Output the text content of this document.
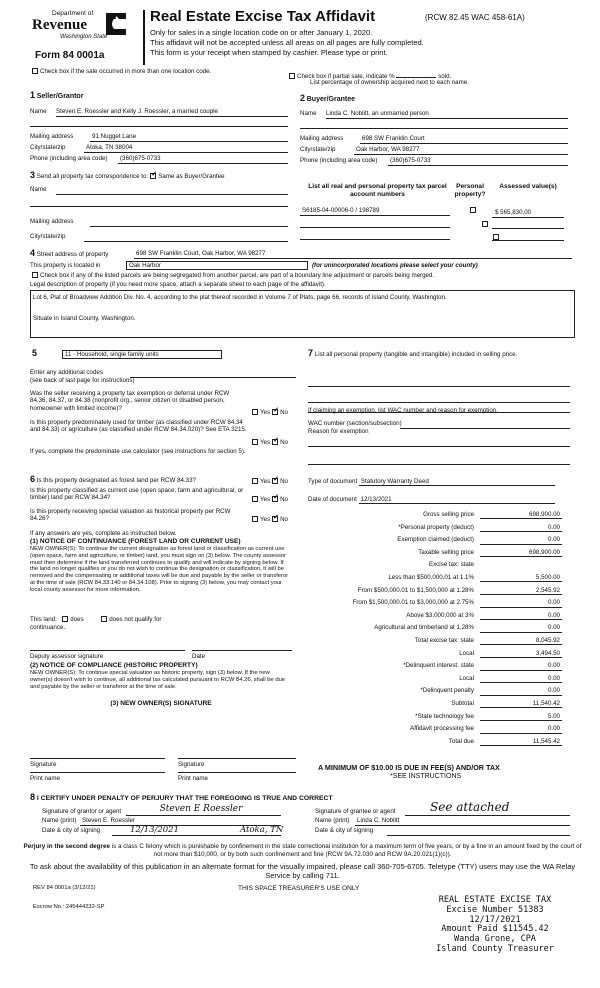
Department of
Revenue
Washington State
Form 84 0001a
Real Estate Excise Tax Affidavit	(RCW 82.45 WAC 458-61A)
Only for sales in a single location code on or after January 1, 2020.
This affidavit will not be accepted unless all areas on all pages are fully completed.
This form is your receipt when stamped by cashier. Please type or print.
Check box if the sale occurred in more than one location code.
Check box if partial sale, indicate %	sold.
List percentage of ownership acquired next to each name.
1 Seller/Grantor
Name Steven E. Roessler and Kelly J. Roessler, a married couple
Mailing address	91 Nugget Lane
City/state/zip	Atoka, TN 38004
Phone (including area code) (360)675-0733
2 Buyer/Grantee
Name Linda C. Noblitt, an unmarried person
Mailing address	698 SW Franklin Court
City/state/zip	Oak Harbor, WA 98277
Phone (including area code) (360)675-0733
3 Send all property tax correspondence to: ✓ Same as Buyer/Grantee
Name
Mailing address
City/state/zip
List all real and personal property tax parcel account numbers
Personal property?
Assessed value(s)
S6185-04-00006-0 / 198789
	$ 565,830.00

4 Street address of property	698 SW Franklin Court, Oak Harbor, WA 98277
This property is located in	Oak Harbor	(for unincorporated locations please select your county)
Check box if any of the listed parcels are being segregated from another parcel, are part of a boundary line adjustment or parcels being merged.
Legal description of property (if you need more space, attach a separate sheet to each page of the affidavit).
Lot 6, Plat of Broadview Addition Div. No. 4, according to the plat thereof recorded in Volume 7 of Plats, page 66, records of Island County, Washington.
Situate in Island County, Washington.
5	11 - Household, single family units
Enter any additional codes
(see back of last page for instructions)
Was the seller receiving a property tax exemption or deferral under RCW 84.36, 84.37, or 84.38 (nonprofit org., senior citizen or disabled person, homeowner with limited income)?
Yes ✓ No
Is this property predominately used for timber (as classified under RCW 84.34 and 84.33) or agriculture (as classified under RCW 84.34.020)? See ETA 3215.
Yes ✓ No
If yes, complete the predominate use calculator (see instructions for section 5).
6 Is this property designated as forest land per RCW 84.33?	Yes ✓ No
Is this property classified as current use (open space, farm and agricultural, or timber) land per RCW 84.34?	Yes ✓ No
Is this property receiving special valuation as historical property per RCW 84.26?	Yes ✓ No
If any answers are yes, complete as instructed below.
(1) NOTICE OF CONTINUANCE (FOREST LAND OR CURRENT USE)
NEW OWNER(S): To continue the current designation as forest land or classification as current use (open space, farm and agriculture, or timber) land, you must sign on (3) below. The county assessor must then determine if the land transferred continues to qualify and will indicate by signing below. If the land no longer qualifies or you do not wish to continue the designation or classification, it will be removed and the compensating or additional taxes will be due and payable by the seller or transferor at the time of sale (RCW 84.33.140 or 84.34.108). Prior to signing (3) below, you may contact your local county assessor for more information.
This land: does	does not qualify for
continuance.
Deputy assessor signature	Date
(2) NOTICE OF COMPLIANCE (HISTORIC PROPERTY)
NEW OWNER(S): To continue special valuation as historic property, sign (3) below. If the new owner(s) doesn't wish to continue, all additional tax calculated pursuant to RCW 84.26, shall be due and payable by the seller or transferor at the time of sale.
(3) NEW OWNER(S) SIGNATURE
Signature	Signature
Print name	Print name
7 List all personal property (tangible and intangible) included in selling price.
If claiming an exemption, list WAC number and reason for exemption.
WAC number (section/subsection)
Reason for exemption
Type of document Statutory Warranty Deed
Date of document 12/13/2021
Gross selling price	698,900.00
*Personal property (deduct)	0.00
Exemption claimed (deduct)	0.00
Taxable selling price	698,900.00
Excise tax: state
Less than $500,000.01 at 1.1%	5,500.00
From $500,000.01 to $1,500,000 at 1.28%	2,545.92
From $1,500,000.01 to $3,000,000 at 2.75%	0.00
Above $3,000,000 at 3%	0.00
Agricultural and timberland at 1.28%	0.00
Total excise tax: state	8,045.92
Local	3,494.50
*Delinquent interest: state	0.00
Local	0.00
*Delinquent penalty	0.00
Subtotal	11,540.42
*State technology fee	5.00
Affidavit processing fee	0.00
Total due	11,545.42
A MINIMUM OF $10.00 IS DUE IN FEE(S) AND/OR TAX
*SEE INSTRUCTIONS
8 I CERTIFY UNDER PENALTY OF PERJURY THAT THE FOREGOING IS TRUE AND CORRECT
Signature of grantor or agent	Steven E Roessler
Name (print) Steven E. Roessler
Date & city of signing	12/13/2021	Atoka, TN
Signature of grantee or agent	See attached
Name (print) Linda C. Noblitt
Date & city of signing
Perjury in the second degree is a class C felony which is punishable by confinement in the state correctional institution for a maximum term of five years, or by a fine in an amount fixed by the court of not more than $10,000, or by both such confinement and fine (RCW 9A.72.030 and RCW 9A.20.021(1)(c)).
To ask about the availability of this publication in an alternate format for the visually impaired, please call 360-705-6705. Teletype (TTY) users may use the WA Relay Service by calling 711.
REV 84 0001a (3/12/21)	THIS SPACE TREASURER'S USE ONLY
Escrow No.: 245444232-SP
REAL ESTATE EXCISE TAX
Excise Number 51383
12/17/2021
Amount Paid $11545.42
Wanda Grone, CPA
Island County Treasurer
